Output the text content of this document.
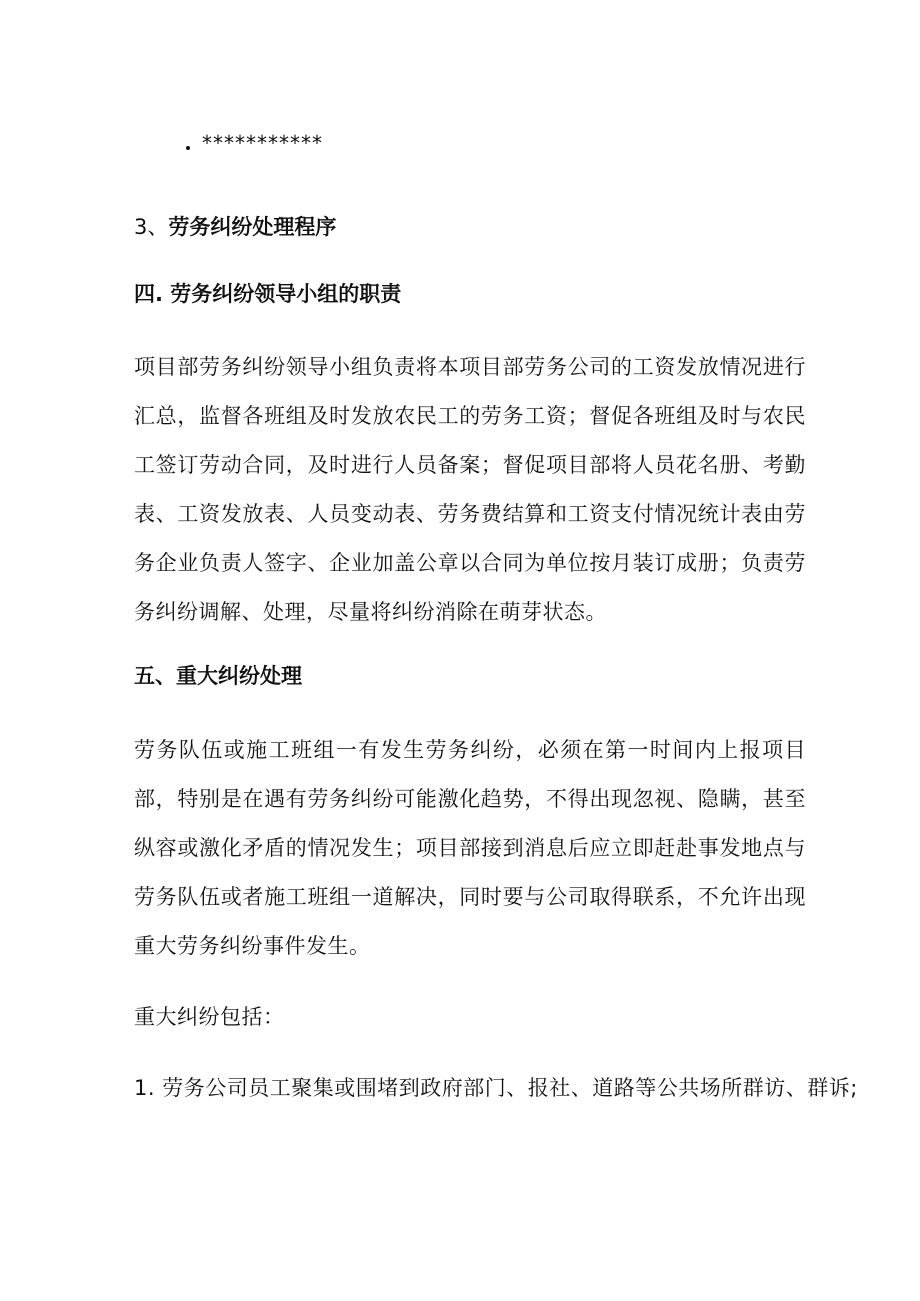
***********
3、劳务纠纷处理程序
四. 劳务纠纷领导小组的职责
项目部劳务纠纷领导小组负责将本项目部劳务公司的工资发放情况进行汇总，监督各班组及时发放农民工的劳务工资；督促各班组及时与农民工签订劳动合同，及时进行人员备案；督促项目部将人员花名册、考勤表、工资发放表、人员变动表、劳务费结算和工资支付情况统计表由劳务企业负责人签字、企业加盖公章以合同为单位按月装订成册；负责劳务纠纷调解、处理，尽量将纠纷消除在萌芽状态。
五、重大纠纷处理
劳务队伍或施工班组一有发生劳务纠纷，必须在第一时间内上报项目部，特别是在遇有劳务纠纷可能激化趋势，不得出现忽视、隐瞒，甚至纵容或激化矛盾的情况发生；项目部接到消息后应立即赶赴事发地点与劳务队伍或者施工班组一道解决，同时要与公司取得联系，不允许出现重大劳务纠纷事件发生。
重大纠纷包括：
1. 劳务公司员工聚集或围堵到政府部门、报社、道路等公共场所群访、群诉;
